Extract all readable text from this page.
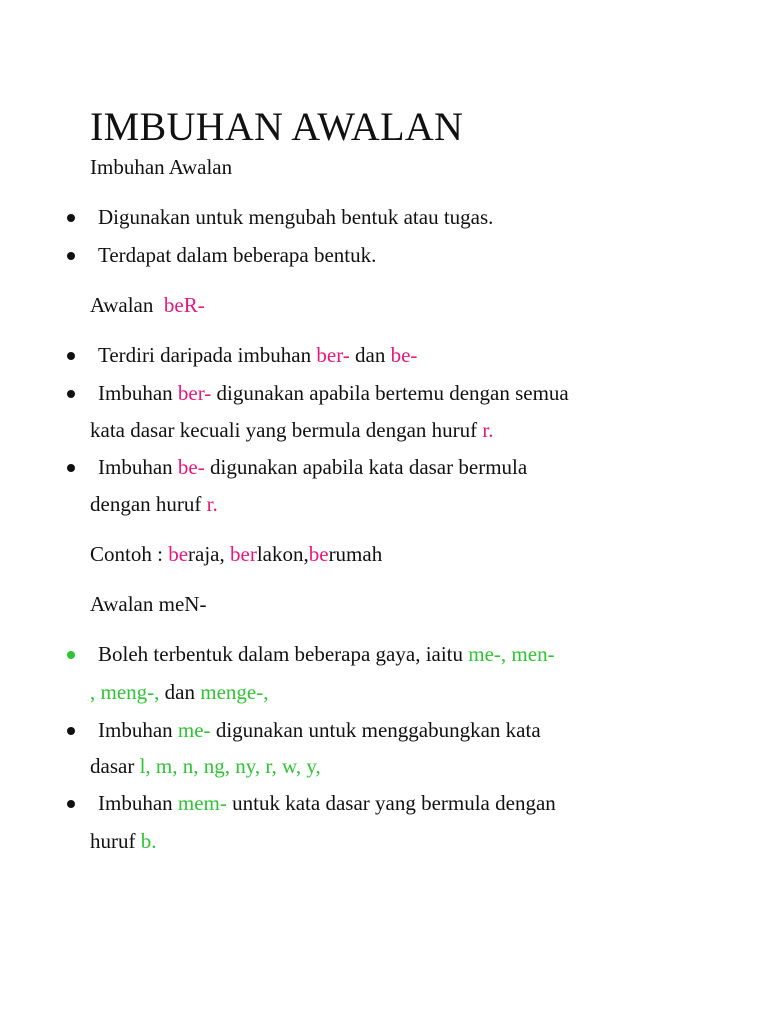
IMBUHAN AWALAN
Imbuhan Awalan
Digunakan untuk mengubah bentuk atau tugas.
Terdapat dalam beberapa bentuk.
Awalan beR-
Terdiri daripada imbuhan ber- dan be-
Imbuhan ber- digunakan apabila bertemu dengan semua
kata dasar kecuali yang bermula dengan huruf r.
Imbuhan be- digunakan apabila kata dasar bermula
dengan huruf r.
Contoh : beraja, berlakon,berumah
Awalan meN-
Boleh terbentuk dalam beberapa gaya, iaitu me-, men-
, meng-, dan menge-,
Imbuhan me- digunakan untuk menggabungkan kata
dasar l, m, n, ng, ny, r, w, y,
Imbuhan mem- untuk kata dasar yang bermula dengan
huruf b.
